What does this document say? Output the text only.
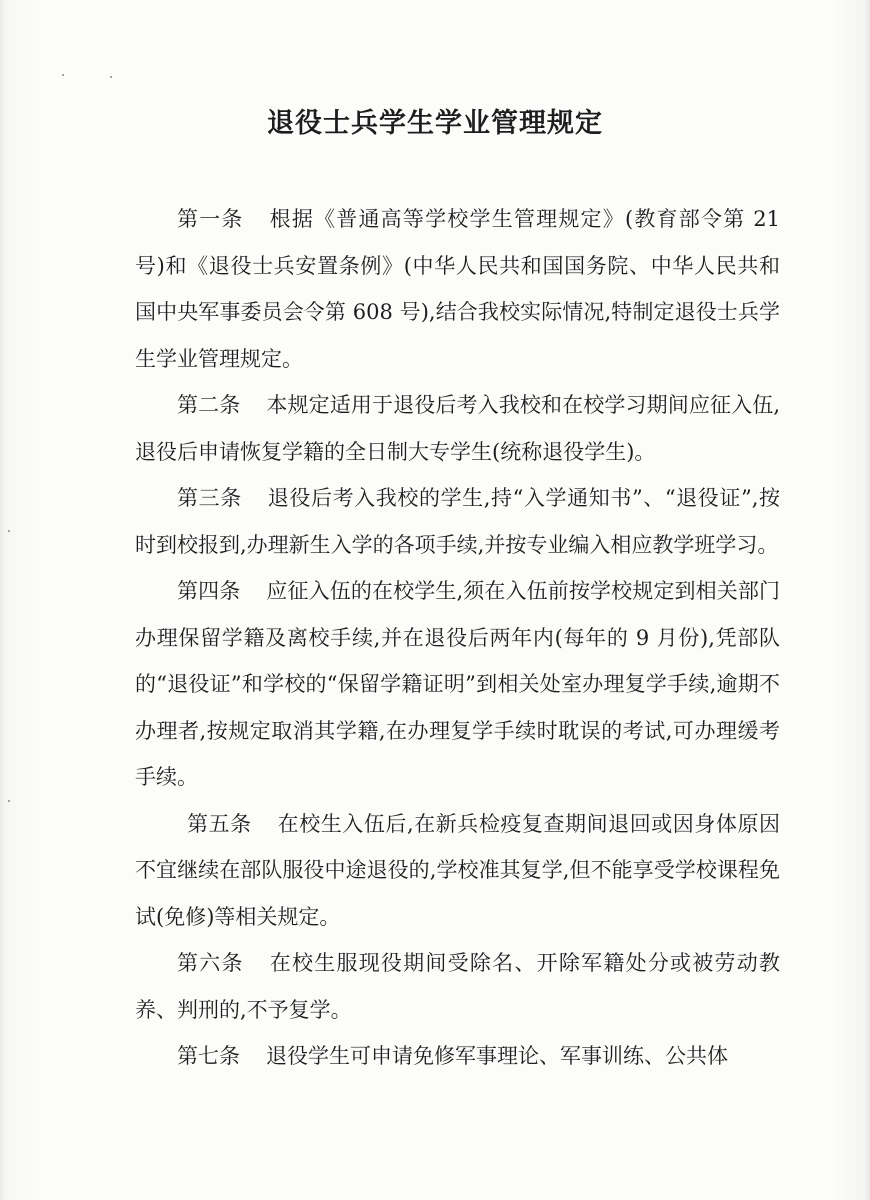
退役士兵学生学业管理规定

第一条 根据《普通高等学校学生管理规定》(教育部令第 21 号)和《退役士兵安置条例》(中华人民共和国国务院、中华人民共和国中央军事委员会令第 608 号),结合我校实际情况,特制定退役士兵学生学业管理规定。

第二条 本规定适用于退役后考入我校和在校学习期间应征入伍,退役后申请恢复学籍的全日制大专学生(统称退役学生)。

第三条 退役后考入我校的学生,持“入学通知书”、“退役证”,按时到校报到,办理新生入学的各项手续,并按专业编入相应教学班学习。

第四条 应征入伍的在校学生,须在入伍前按学校规定到相关部门办理保留学籍及离校手续,并在退役后两年内(每年的 9 月份),凭部队的“退役证”和学校的“保留学籍证明”到相关处室办理复学手续,逾期不办理者,按规定取消其学籍,在办理复学手续时耽误的考试,可办理缓考手续。

第五条 在校生入伍后,在新兵检疫复查期间退回或因身体原因不宜继续在部队服役中途退役的,学校准其复学,但不能享受学校课程免试(免修)等相关规定。

第六条 在校生服现役期间受除名、开除军籍处分或被劳动教养、判刑的,不予复学。

第七条 退役学生可申请免修军事理论、军事训练、公共体
